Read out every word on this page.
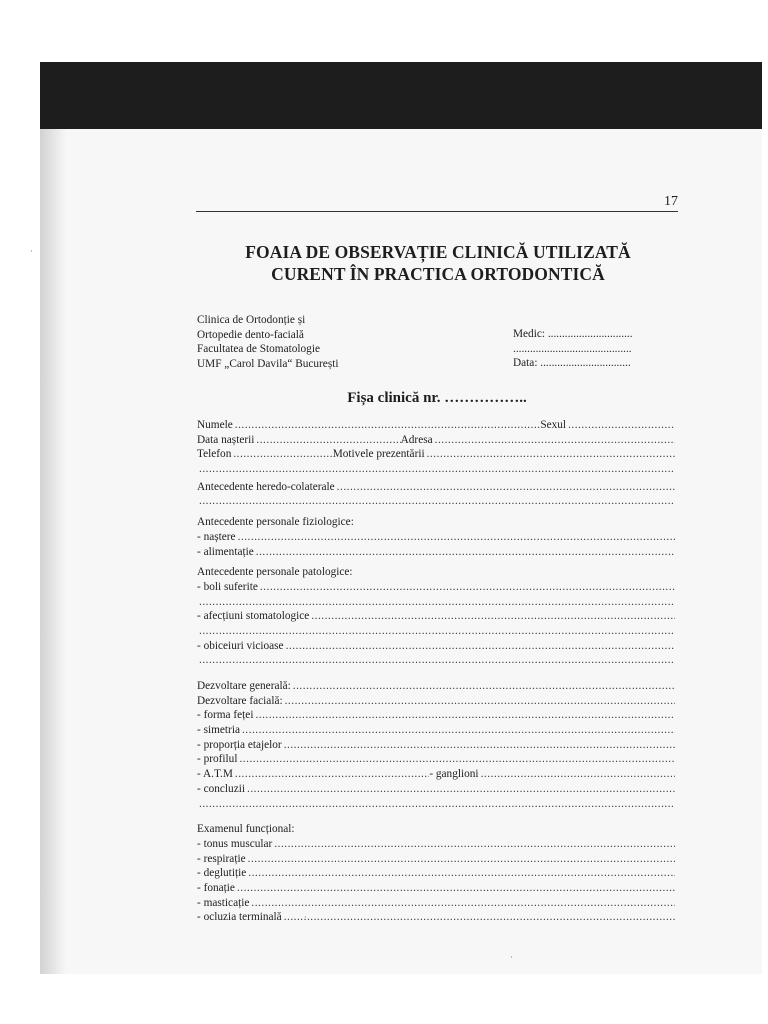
17
FOAIA DE OBSERVAȚIE CLINICĂ UTILIZATĂ
CURENT ÎN PRACTICA ORTODONTICĂ
Clinica de Ortodonție și
Ortopedie dento-facială
Facultatea de Stomatologie
UMF „Carol Davila“ București
Medic: ..............................
..........................................
Data: ................................
Fișa clinică nr. ……………..
Numele .....	Sexul
.....
Data nașterii .....	Adresa
.....
Telefon .....	Motivele prezentării
.....
.....
Antecedente heredo-colaterale
.....
.....
Antecedente personale fiziologice:
- naștere
.....
- alimentație
.....
Antecedente personale patologice:
- boli suferite
.....
.....
- afecțiuni stomatologice
.....
.....
- obiceiuri vicioase
.....
.....
Dezvoltare generală:
.....
Dezvoltare facială:
.....
- forma feței
.....
- simetria
.....
- proporția etajelor
.....
- profilul
.....
- A.T.M .....	- ganglioni
.....
- concluzii
.....
.....
Examenul funcțional:
- tonus muscular
.....
- respirație
.....
- deglutiție
.....
- fonație
.....
- masticație
.....
- ocluzia terminală
.....
·
·
·
